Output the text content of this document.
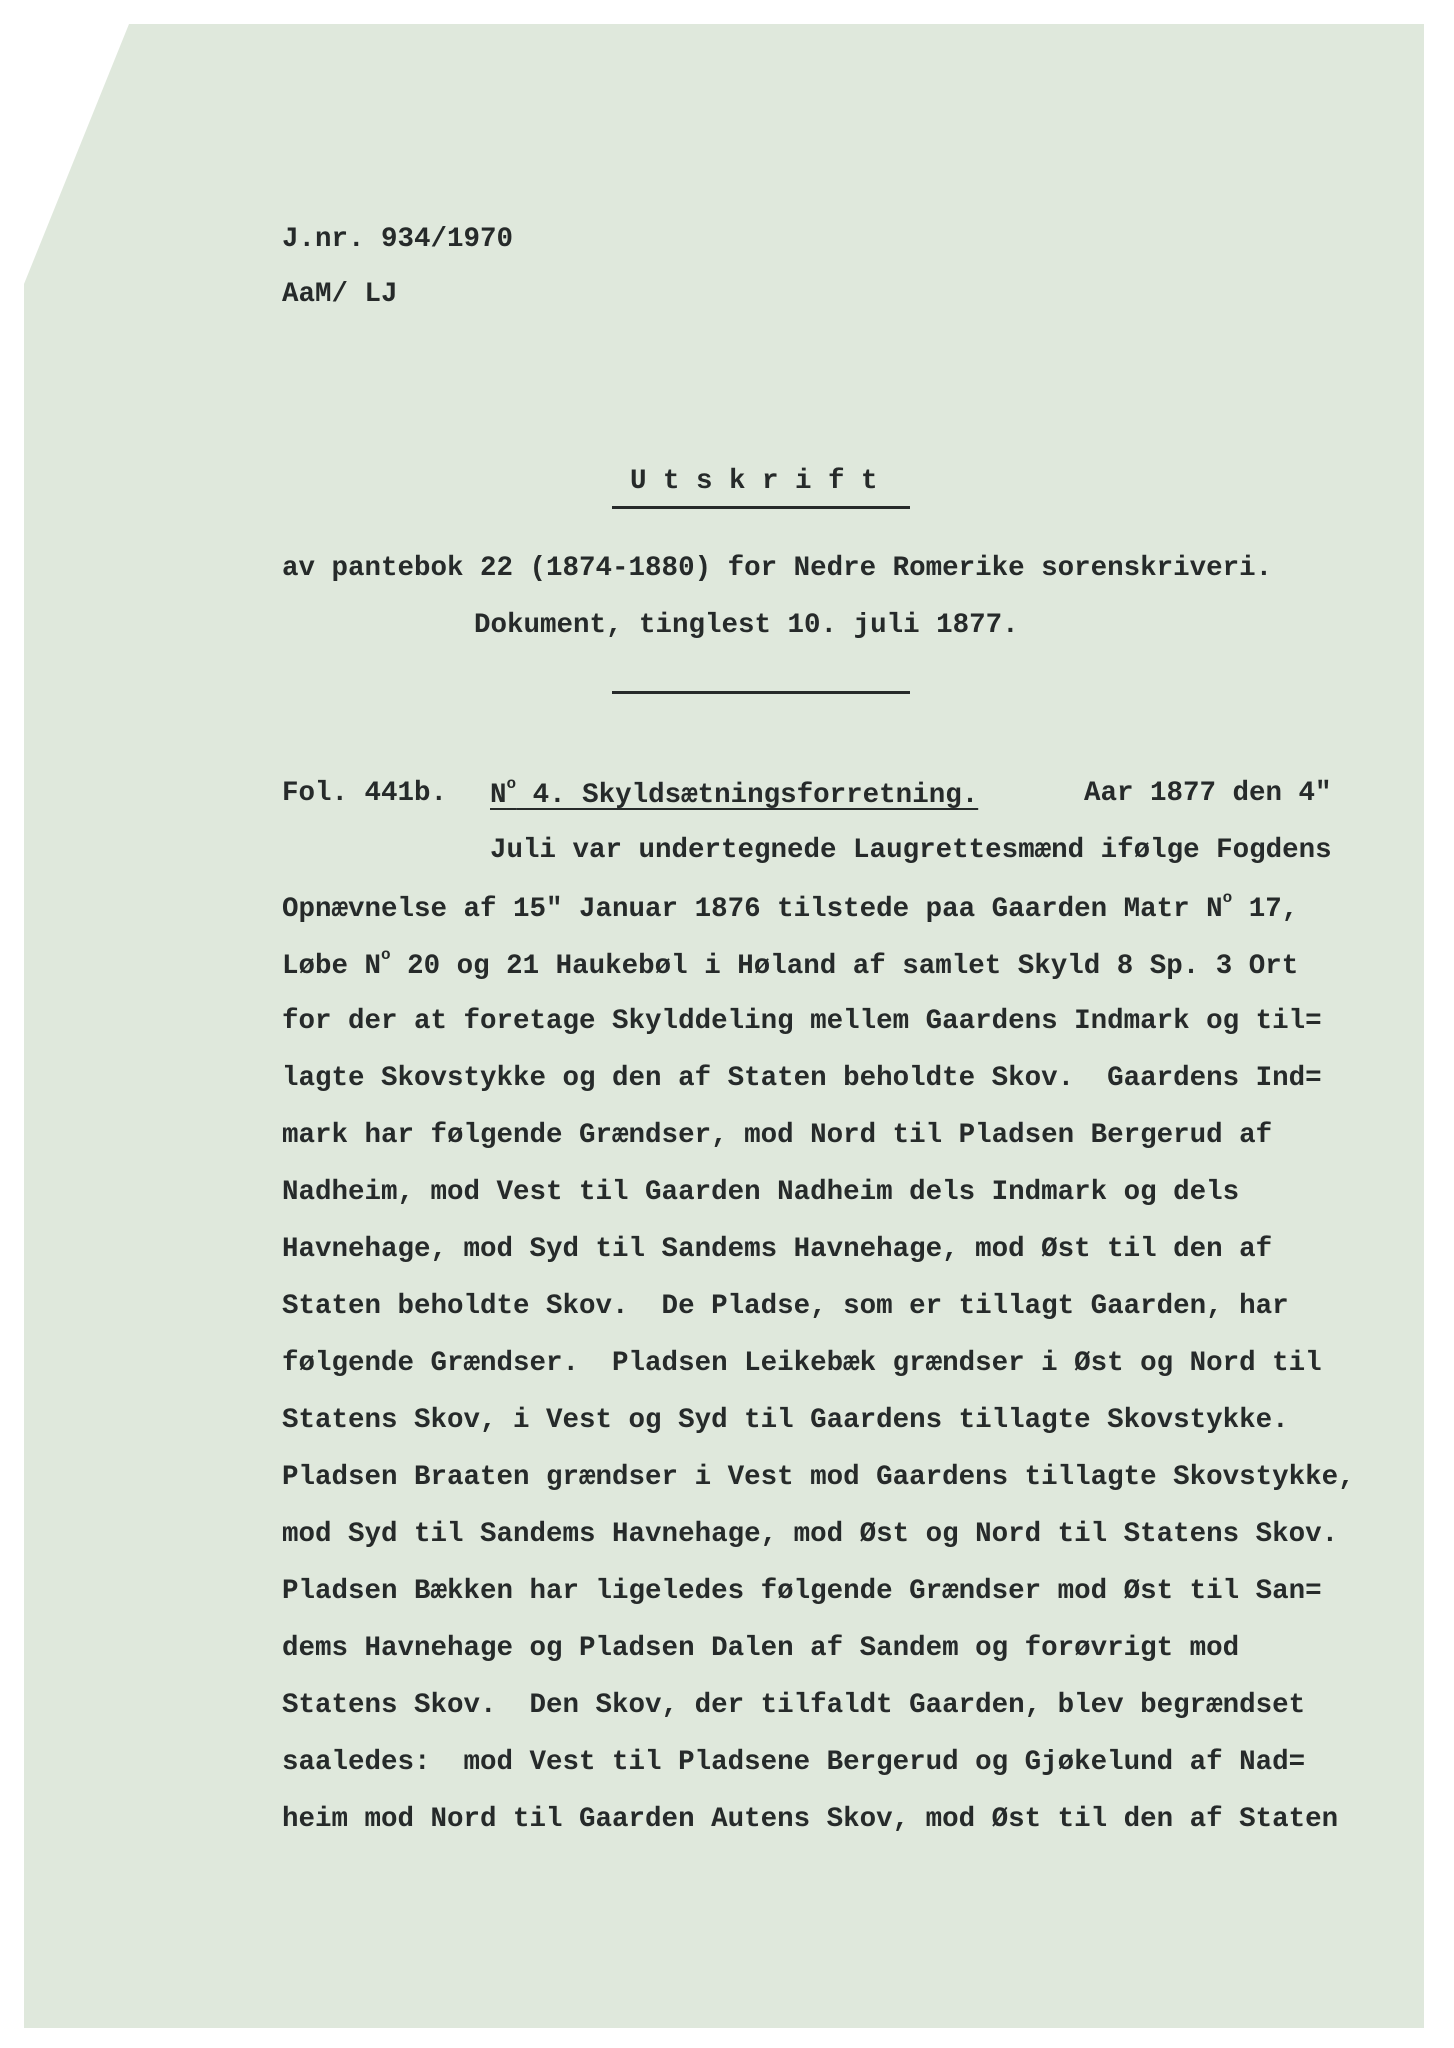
J.nr. 934/1970
AaM/ LJ
U t s k r i f t
av pantebok 22 (1874-1880) for Nedre Romerike sorenskriveri.
Dokument, tinglest 10. juli 1877.
Fol. 441b. $N^o$ 4. Skyldsætningsforretning.	Aar 1877 den 4"
Juli var undertegnede Laugrettesmænd ifølge Fogdens
Opnævnelse af 15" Januar 1876 tilstede paa Gaarden Matr $N^o$ 17,
Løbe $N^o$ 20 og 21 Haukebøl i Høland af samlet Skyld 8 Sp. 3 Ort
for der at foretage Skylddeling mellem Gaardens Indmark og til=
lagte Skovstykke og den af Staten beholdte Skov.  Gaardens Ind=
mark har følgende Grændser, mod Nord til Pladsen Bergerud af
Nadheim, mod Vest til Gaarden Nadheim dels Indmark og dels
Havnehage, mod Syd til Sandems Havnehage, mod Øst til den af
Staten beholdte Skov.  De Pladse, som er tillagt Gaarden, har
følgende Grændser.  Pladsen Leikebæk grændser i Øst og Nord til
Statens Skov, i Vest og Syd til Gaardens tillagte Skovstykke.
Pladsen Braaten grændser i Vest mod Gaardens tillagte Skovstykke,
mod Syd til Sandems Havnehage, mod Øst og Nord til Statens Skov.
Pladsen Bækken har ligeledes følgende Grændser mod Øst til San=
dems Havnehage og Pladsen Dalen af Sandem og forøvrigt mod
Statens Skov.  Den Skov, der tilfaldt Gaarden, blev begrændset
saaledes:  mod Vest til Pladsene Bergerud og Gjøkelund af Nad=
heim mod Nord til Gaarden Autens Skov, mod Øst til den af Staten
